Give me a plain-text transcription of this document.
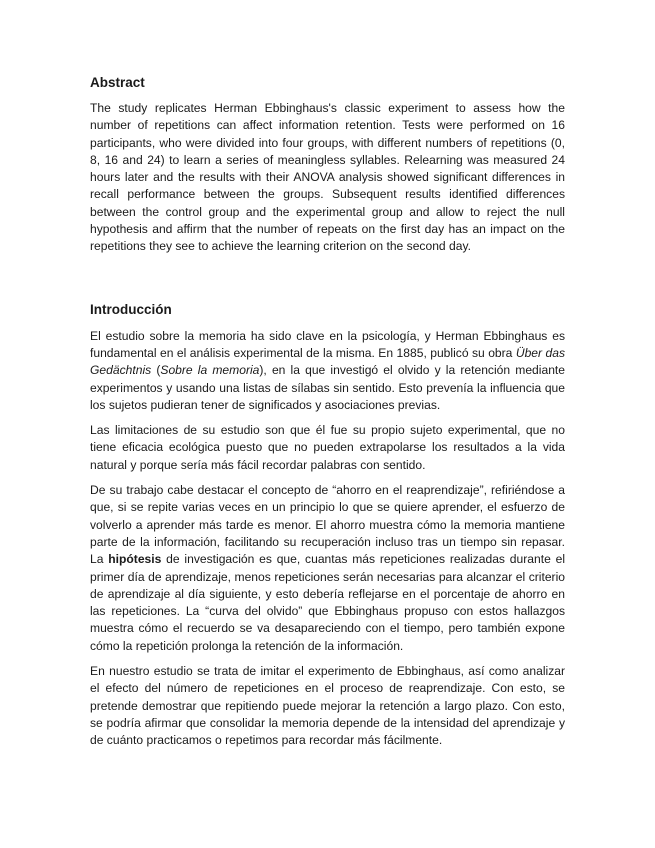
Abstract

The study replicates Herman Ebbinghaus's classic experiment to assess how the number of repetitions can affect information retention. Tests were performed on 16 participants, who were divided into four groups, with different numbers of repetitions (0, 8, 16 and 24) to learn a series of meaningless syllables. Relearning was measured 24 hours later and the results with their ANOVA analysis showed significant differences in recall performance between the groups. Subsequent results identified differences between the control group and the experimental group and allow to reject the null hypothesis and affirm that the number of repeats on the first day has an impact on the repetitions they see to achieve the learning criterion on the second day.

Introducción

El estudio sobre la memoria ha sido clave en la psicología, y Herman Ebbinghaus es fundamental en el análisis experimental de la misma. En 1885, publicó su obra Über das Gedächtnis (Sobre la memoria), en la que investigó el olvido y la retención mediante experimentos y usando una listas de sílabas sin sentido. Esto prevenía la influencia que los sujetos pudieran tener de significados y asociaciones previas.

Las limitaciones de su estudio son que él fue su propio sujeto experimental, que no tiene eficacia ecológica puesto que no pueden extrapolarse los resultados a la vida natural y porque sería más fácil recordar palabras con sentido.

De su trabajo cabe destacar el concepto de “ahorro en el reaprendizaje”, refiriéndose a que, si se repite varias veces en un principio lo que se quiere aprender, el esfuerzo de volverlo a aprender más tarde es menor. El ahorro muestra cómo la memoria mantiene parte de la información, facilitando su recuperación incluso tras un tiempo sin repasar. La hipótesis de investigación es que, cuantas más repeticiones realizadas durante el primer día de aprendizaje, menos repeticiones serán necesarias para alcanzar el criterio de aprendizaje al día siguiente, y esto debería reflejarse en el porcentaje de ahorro en las repeticiones. La “curva del olvido” que Ebbinghaus propuso con estos hallazgos muestra cómo el recuerdo se va desapareciendo con el tiempo, pero también expone cómo la repetición prolonga la retención de la información.

En nuestro estudio se trata de imitar el experimento de Ebbinghaus, así como analizar el efecto del número de repeticiones en el proceso de reaprendizaje. Con esto, se pretende demostrar que repitiendo puede mejorar la retención a largo plazo. Con esto, se podría afirmar que consolidar la memoria depende de la intensidad del aprendizaje y de cuánto practicamos o repetimos para recordar más fácilmente.
